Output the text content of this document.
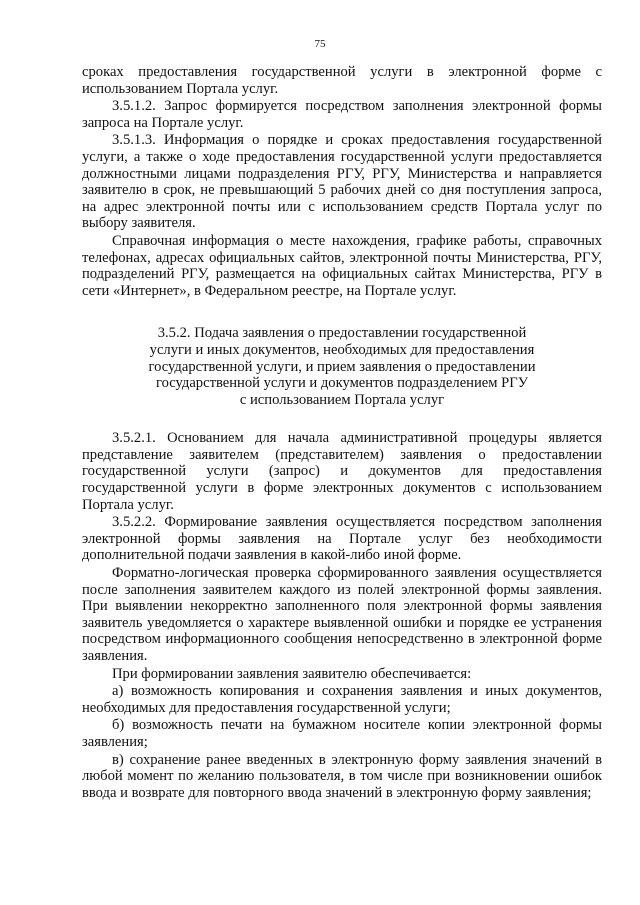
75

сроках предоставления государственной услуги в электронной форме с использованием Портала услуг.

3.5.1.2. Запрос формируется посредством заполнения электронной формы запроса на Портале услуг.

3.5.1.3. Информация о порядке и сроках предоставления государственной услуги, а также о ходе предоставления государственной услуги предоставляется должностными лицами подразделения РГУ, РГУ, Министерства и направляется заявителю в срок, не превышающий 5 рабочих дней со дня поступления запроса, на адрес электронной почты или с использованием средств Портала услуг по выбору заявителя.

Справочная информация о месте нахождения, графике работы, справочных телефонах, адресах официальных сайтов, электронной почты Министерства, РГУ, подразделений РГУ, размещается на официальных сайтах Министерства, РГУ в сети «Интернет», в Федеральном реестре, на Портале услуг.

3.5.2. Подача заявления о предоставлении государственной
услуги и иных документов, необходимых для предоставления
государственной услуги, и прием заявления о предоставлении
государственной услуги и документов подразделением РГУ
с использованием Портала услуг

3.5.2.1. Основанием для начала административной процедуры является представление заявителем (представителем) заявления о предоставлении государственной услуги (запрос) и документов для предоставления государственной услуги в форме электронных документов с использованием Портала услуг.

3.5.2.2. Формирование заявления осуществляется посредством заполнения электронной формы заявления на Портале услуг без необходимости дополнительной подачи заявления в какой-либо иной форме.

Форматно-логическая проверка сформированного заявления осуществляется после заполнения заявителем каждого из полей электронной формы заявления. При выявлении некорректно заполненного поля электронной формы заявления заявитель уведомляется о характере выявленной ошибки и порядке ее устранения посредством информационного сообщения непосредственно в электронной форме заявления.

При формировании заявления заявителю обеспечивается:

а) возможность копирования и сохранения заявления и иных документов, необходимых для предоставления государственной услуги;

б) возможность печати на бумажном носителе копии электронной формы заявления;

в) сохранение ранее введенных в электронную форму заявления значений в любой момент по желанию пользователя, в том числе при возникновении ошибок ввода и возврате для повторного ввода значений в электронную форму заявления;
